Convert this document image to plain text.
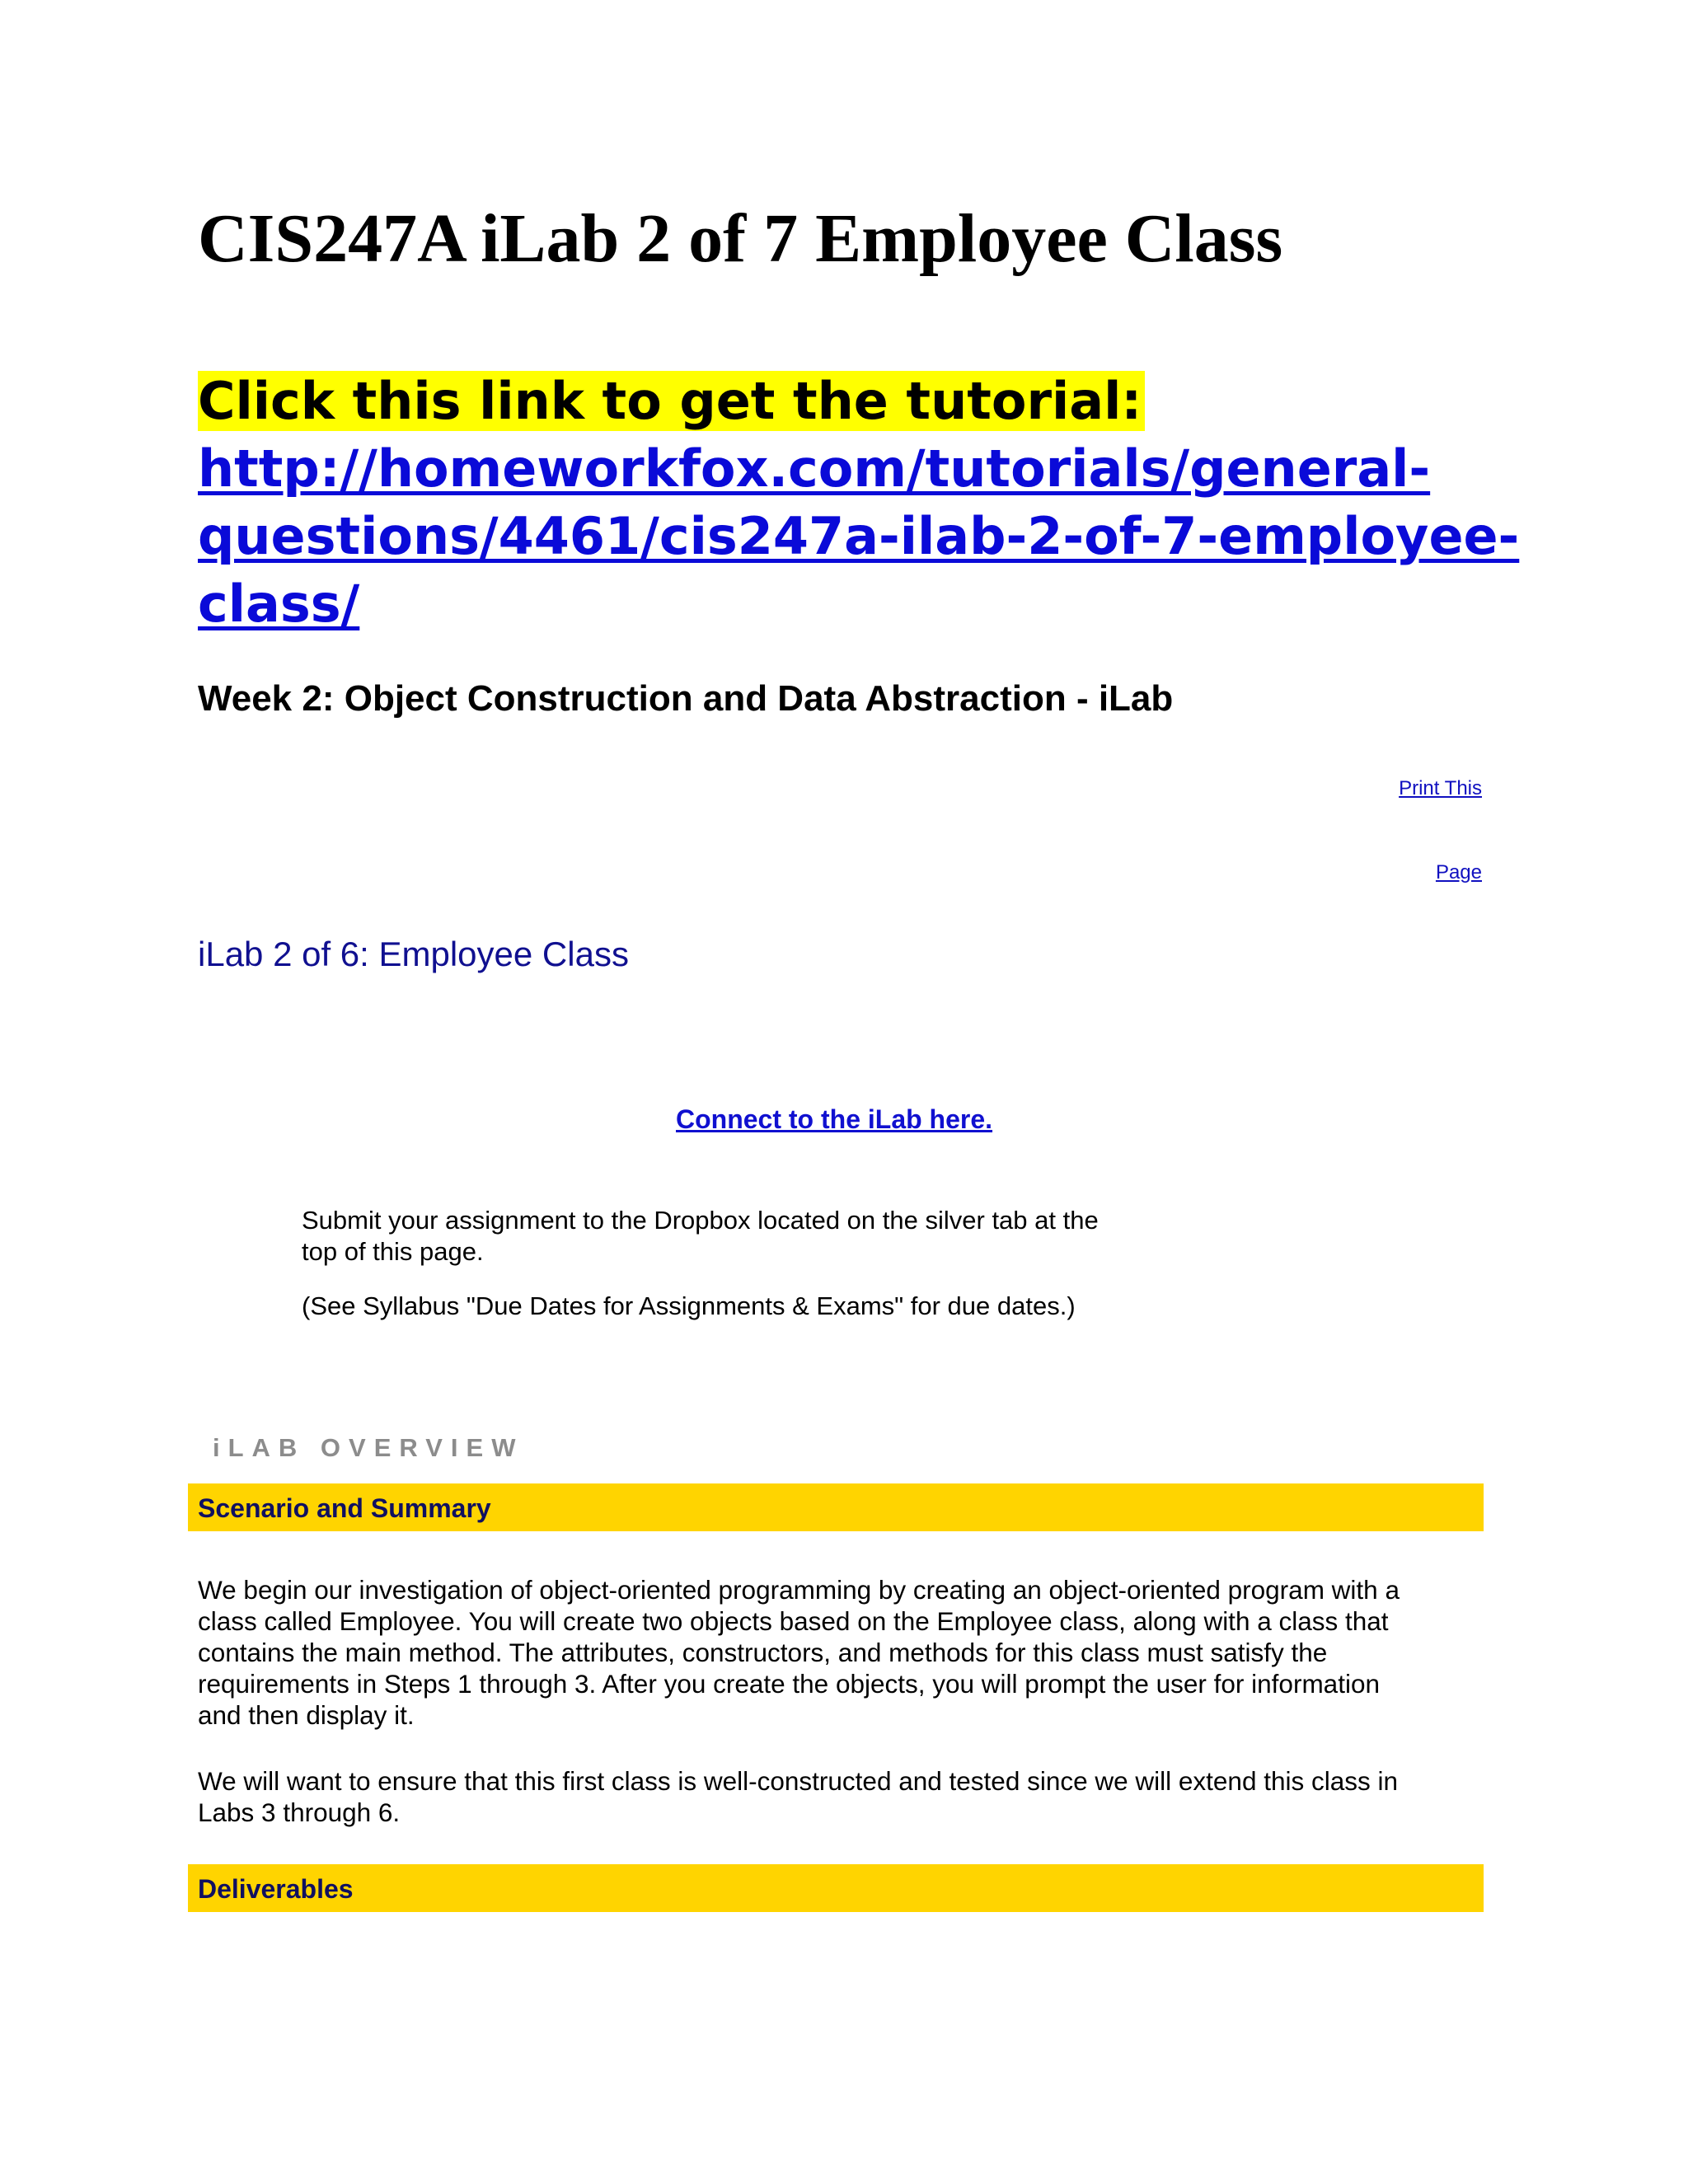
CIS247A iLab 2 of 7 Employee Class
Click this link to get the tutorial:
http://homeworkfox.com/tutorials/general-
questions/4461/cis247a-ilab-2-of-7-employee-
class/
Week 2: Object Construction and Data Abstraction - iLab
Print This
Page
iLab 2 of 6: Employee Class
Connect to the iLab here.

Submit your assignment to the Dropbox located on the silver tab at the
top of this page.

(See Syllabus "Due Dates for Assignments & Exams" for due dates.)

iLAB OVERVIEW
Scenario and Summary

We begin our investigation of object-oriented programming by creating an object-oriented program with a
class called Employee. You will create two objects based on the Employee class, along with a class that
contains the main method. The attributes, constructors, and methods for this class must satisfy the
requirements in Steps 1 through 3. After you create the objects, you will prompt the user for information
and then display it.

We will want to ensure that this first class is well-constructed and tested since we will extend this class in
Labs 3 through 6.

Deliverables
